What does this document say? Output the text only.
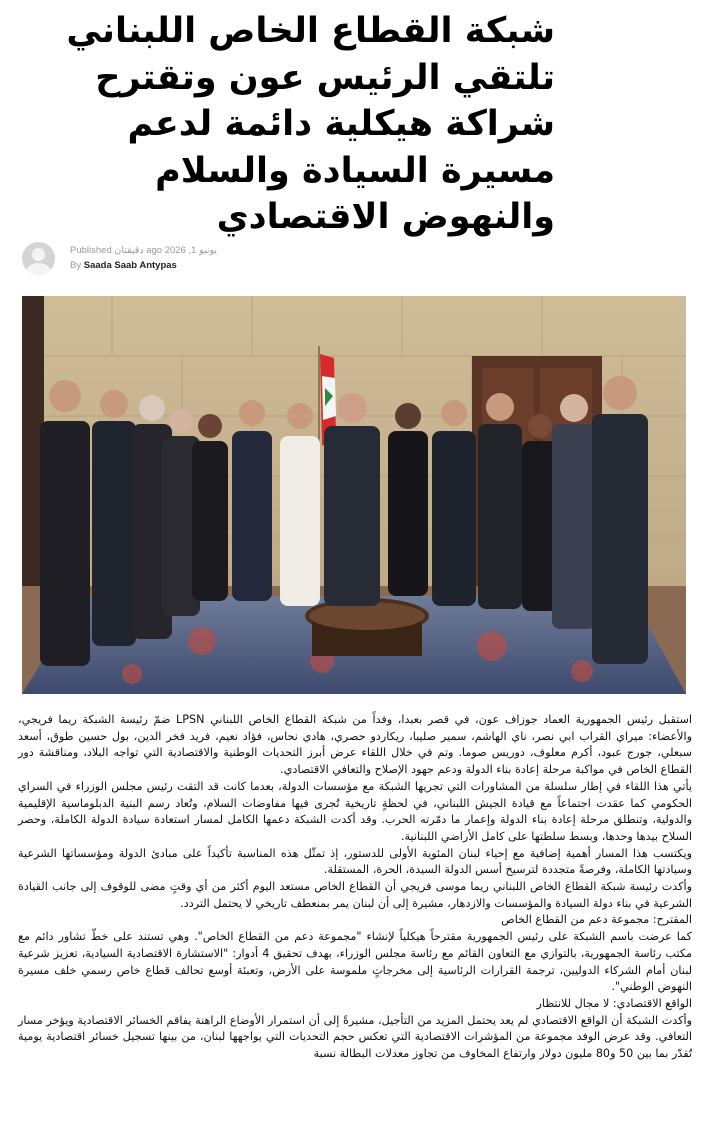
شبكة القطاع الخاص اللبناني تلتقي الرئيس عون وتقترح شراكة هيكلية دائمة لدعم مسيرة السيادة والسلام والنهوض الاقتصادي
Published دقيقتان ago يونيو 1, 2026
By Saada Saab Antypas

استقبل رئيس الجمهورية العماد جوزاف عون، في قصر بعبدا، وفداً من شبكة القطاع الخاص اللبناني LPSN ضمّ رئيسة الشبكة ريما فريجي، والأعضاء: ميراي القراب ابي نصر، ناي الهاشم، سمير صليبا، ريكاردو حصري، هادي نحاس، فؤاد نعيم، فريد فخر الدين، بول حسين طوق، أسعد سبعلي، جورج عبود، أكرم معلوف، دوريس صوما. وتم في خلال اللقاء عرض أبرز التحديات الوطنية والاقتصادية التي تواجه البلاد، ومناقشة دور القطاع الخاص في مواكبة مرحلة إعادة بناء الدولة ودعم جهود الإصلاح والتعافي الاقتصادي.

يأتي هذا اللقاء في إطار سلسلة من المشاورات التي تجريها الشبكة مع مؤسسات الدولة، بعدما كانت قد التقت رئيس مجلس الوزراء في السراي الحكومي كما عقدت اجتماعاً مع قيادة الجيش اللبناني، في لحظةٍ تاريخية تُجرى فيها مفاوضات السلام، وتُعاد رسم البنية الدبلوماسية الإقليمية والدولية، وتنطلق مرحلة إعادة بناء الدولة وإعمار ما دمّرته الحرب. وقد أكدت الشبكة دعمها الكامل لمسار استعادة سيادة الدولة الكاملة، وحصر السلاح بيدها وحدها، وبسط سلطتها على كامل الأراضي اللبنانية.

ويكتسب هذا المسار أهمية إضافية مع إحياء لبنان المئوية الأولى للدستور، إذ تمثّل هذه المناسبة تأكيداً على مبادئ الدولة ومؤسساتها الشرعية وسيادتها الكاملة، وفرصةً متجددة لترسيخ أسس الدولة السيدة، الحرة، المستقلة.

وأكدت رئيسة شبكة القطاع الخاص اللبناني ريما موسى فريجي أن القطاع الخاص مستعد اليوم أكثر من أي وقتٍ مضى للوقوف إلى جانب القيادة الشرعية في بناء دولة السيادة والمؤسسات والازدهار، مشيرة إلى أن لبنان يمر بمنعطف تاريخي لا يحتمل التردد.

المقترح: مجموعة دعم من القطاع الخاص

كما عرضت باسم الشبكة على رئيس الجمهورية مقترحاً هيكلياً لإنشاء "مجموعة دعم من القطاع الخاص". وهي تستند على خطّ تشاور دائم مع مكتب رئاسة الجمهورية، بالتوازي مع التعاون القائم مع رئاسة مجلس الوزراء، بهدف تحقيق 4 أدوار: "الاستشارة الاقتصادية السيادية، تعزيز شرعية لبنان أمام الشركاء الدوليين، ترجمة القرارات الرئاسية إلى مخرجاتٍ ملموسة على الأرض، وتعبئة أوسع تحالف قطاع خاص رسمي خلف مسيرة النهوض الوطني".

الواقع الاقتصادي: لا مجال للانتظار

وأكدت الشبكة أن الواقع الاقتصادي لم يعد يحتمل المزيد من التأجيل، مشيرةً إلى أن استمرار الأوضاع الراهنة يفاقم الخسائر الاقتصادية ويؤخر مسار التعافي. وقد عرض الوفد مجموعة من المؤشرات الاقتصادية التي تعكس حجم التحديات التي يواجهها لبنان، من بينها تسجيل خسائر اقتصادية يومية تُقدّر بما بين 50 و80 مليون دولار وارتفاع المخاوف من تجاوز معدلات البطالة نسبة
